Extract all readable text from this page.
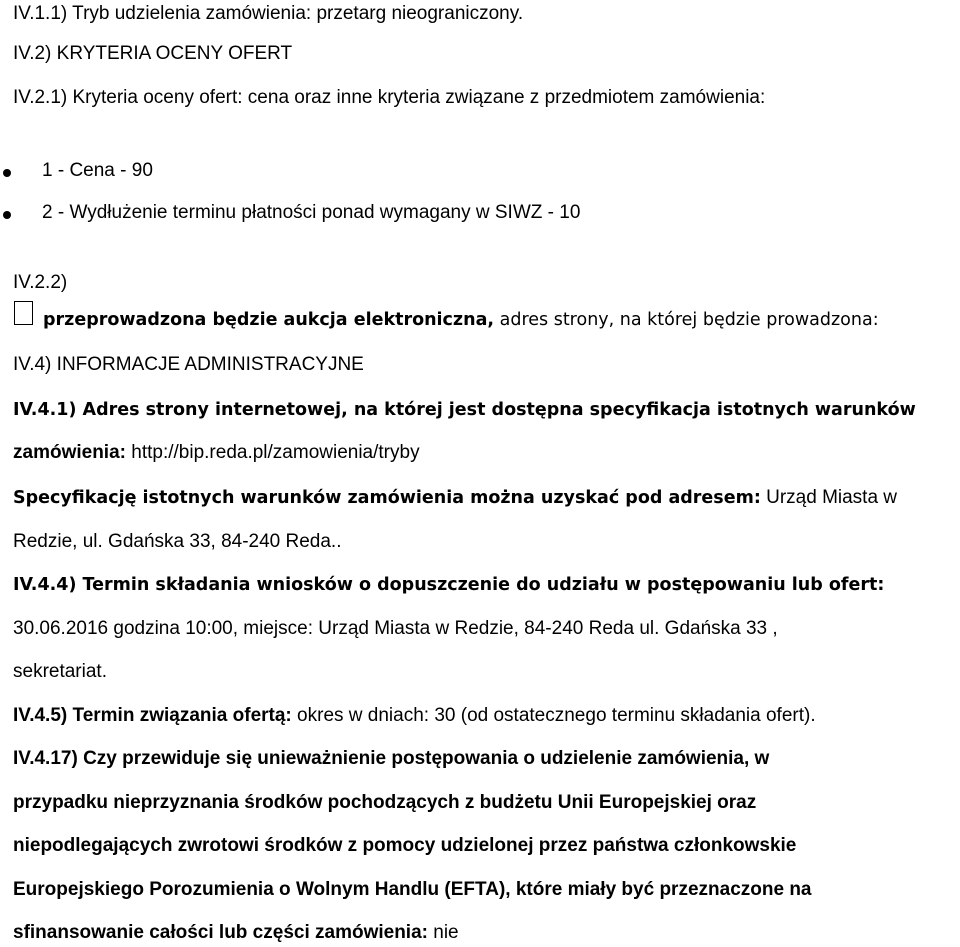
IV.1.1) Tryb udzielenia zamówienia: przetarg nieograniczony.
IV.2) KRYTERIA OCENY OFERT
IV.2.1) Kryteria oceny ofert: cena oraz inne kryteria związane z przedmiotem zamówienia:
1 - Cena - 90
2 - Wydłużenie terminu płatności ponad wymagany w SIWZ - 10
IV.2.2)
przeprowadzona będzie aukcja elektroniczna, adres strony, na której będzie prowadzona:
IV.4) INFORMACJE ADMINISTRACYJNE
IV.4.1) Adres strony internetowej, na której jest dostępna specyfikacja istotnych warunków
zamówienia: http://bip.reda.pl/zamowienia/tryby
Specyfikację istotnych warunków zamówienia można uzyskać pod adresem: Urząd Miasta w
Redzie, ul. Gdańska 33, 84-240 Reda..
IV.4.4) Termin składania wniosków o dopuszczenie do udziału w postępowaniu lub ofert:
30.06.2016 godzina 10:00, miejsce: Urząd Miasta w Redzie, 84-240 Reda ul. Gdańska 33 ,
sekretariat.
IV.4.5) Termin związania ofertą: okres w dniach: 30 (od ostatecznego terminu składania ofert).
IV.4.17) Czy przewiduje się unieważnienie postępowania o udzielenie zamówienia, w
przypadku nieprzyznania środków pochodzących z budżetu Unii Europejskiej oraz
niepodlegających zwrotowi środków z pomocy udzielonej przez państwa członkowskie
Europejskiego Porozumienia o Wolnym Handlu (EFTA), które miały być przeznaczone na
sfinansowanie całości lub części zamówienia: nie
